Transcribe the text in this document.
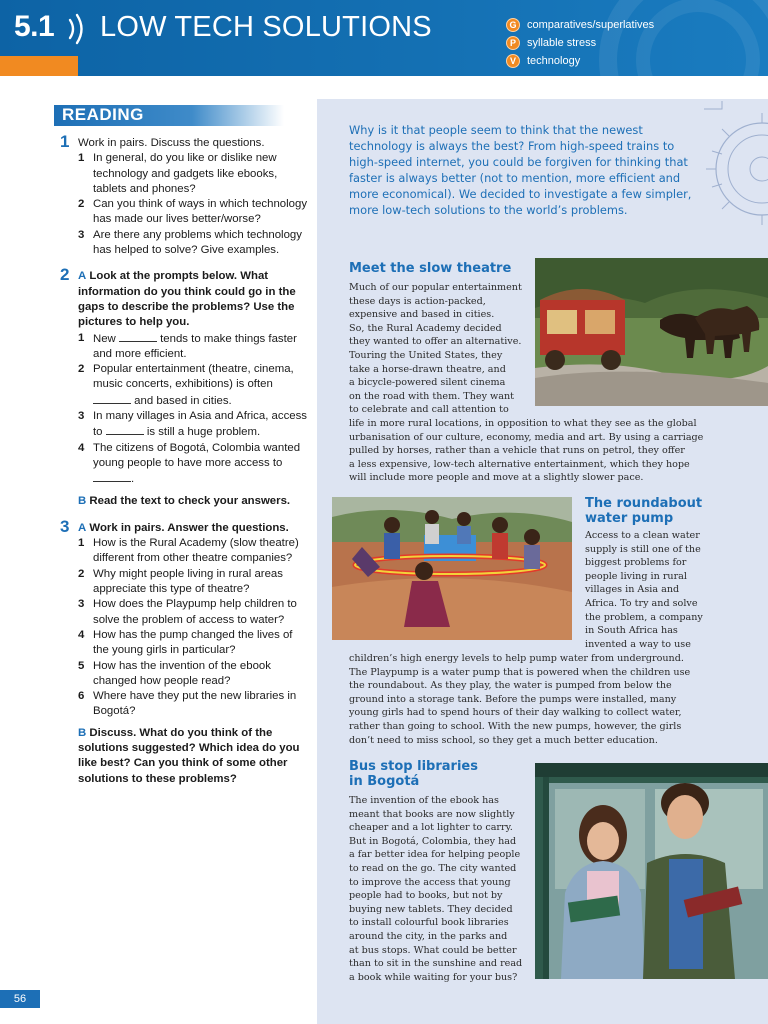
5.1 LOW TECH SOLUTIONS	G comparatives/superlatives
P	syllable stress
V	technology
READING
1 Work in pairs. Discuss the questions.
1 In general, do you like or dislike new technology and gadgets like ebooks, tablets and phones?
2 Can you think of ways in which technology has made our lives better/worse?
3 Are there any problems which technology has helped to solve? Give examples.
2 A Look at the prompts below. What information do you think could go in the gaps to describe the problems? Use the pictures to help you.
1 New	tends to make things faster and more efficient.
2 Popular entertainment (theatre, cinema, music concerts, exhibitions) is often  and based in cities.
3 In many villages in Asia and Africa, access to	is still a huge problem.
4 The citizens of Bogotá, Colombia wanted young people to have more access to .
B Read the text to check your answers.
3 A Work in pairs. Answer the questions.
1 How is the Rural Academy (slow theatre) different from other theatre companies?
2 Why might people living in rural areas appreciate this type of theatre?
3 How does the Playpump help children to solve the problem of access to water?
4 How has the pump changed the lives of the young girls in particular?
5 How has the invention of the ebook changed how people read?
6 Where have they put the new libraries in Bogotá?
B Discuss. What do you think of the solutions suggested? Which idea do you like best? Can you think of some other solutions to these problems?
56
Why is it that people seem to think that the newest technology is always the best? From high-speed trains to high-speed internet, you could be forgiven for thinking that faster is always better (not to mention, more efficient and more economical). We decided to investigate a few simpler, more low-tech solutions to the world’s problems.
Meet the slow theatre
Much of our popular entertainment
these days is action-packed,
expensive and based in cities.
So, the Rural Academy decided
they wanted to offer an alternative.
Touring the United States, they
take a horse-drawn theatre, and
a bicycle-powered silent cinema
on the road with them. They want
to celebrate and call attention to
life in more rural locations, in opposition to what they see as the global
urbanisation of our culture, economy, media and art. By using a carriage
pulled by horses, rather than a vehicle that runs on petrol, they offer
a less expensive, low-tech alternative entertainment, which they hope
will include more people and move at a slightly slower pace.
The roundabout
water pump
Access to a clean water
supply is still one of the
biggest problems for
people living in rural
villages in Asia and
Africa. To try and solve
the problem, a company
in South Africa has
invented a way to use
children’s high energy levels to help pump water from underground.
The Playpump is a water pump that is powered when the children use
the roundabout. As they play, the water is pumped from below the
ground into a storage tank. Before the pumps were installed, many
young girls had to spend hours of their day walking to collect water,
rather than going to school. With the new pumps, however, the girls
don’t need to miss school, so they get a much better education.
Bus stop libraries
in Bogotá
The invention of the ebook has
meant that books are now slightly
cheaper and a lot lighter to carry.
But in Bogotá, Colombia, they had
a far better idea for helping people
to read on the go. The city wanted
to improve the access that young
people had to books, but not by
buying new tablets. They decided
to install colourful book libraries
around the city, in the parks and
at bus stops. What could be better
than to sit in the sunshine and read
a book while waiting for your bus?
